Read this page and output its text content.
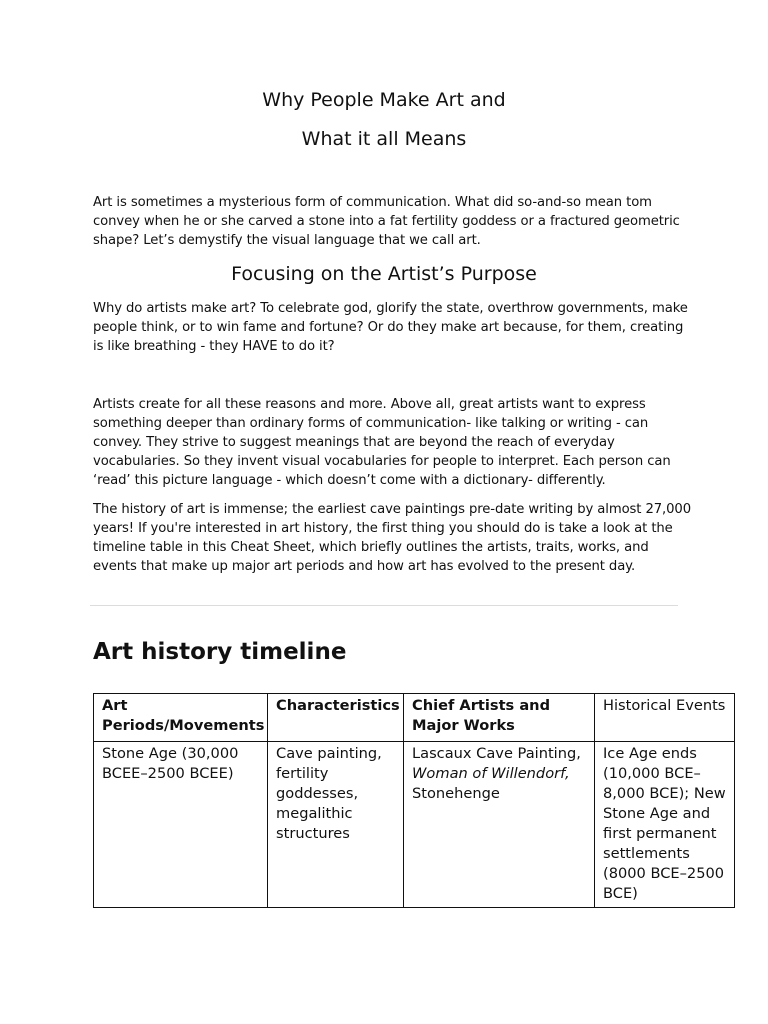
Why People Make Art and
What it all Means

Art is sometimes a mysterious form of communication. What did so-and-so mean tom convey when he or she carved a stone into a fat fertility goddess or a fractured geometric shape? Let’s demystify the visual language that we call art.

Focusing on the Artist’s Purpose

Why do artists make art? To celebrate god, glorify the state, overthrow governments, make people think, or to win fame and fortune? Or do they make art because, for them, creating is like breathing - they HAVE to do it?

Artists create for all these reasons and more. Above all, great artists want to express something deeper than ordinary forms of communication- like talking or writing - can convey. They strive to suggest meanings that are beyond the reach of everyday vocabularies. So they invent visual vocabularies for people to interpret. Each person can ‘read’ this picture language - which doesn’t come with a dictionary- differently.

The history of art is immense; the earliest cave paintings pre-date writing by almost 27,000 years! If you're interested in art history, the first thing you should do is take a look at the timeline table in this Cheat Sheet, which briefly outlines the artists, traits, works, and events that make up major art periods and how art has evolved to the present day.

Art history timeline
Art Periods/Movements	Characteristics	Chief Artists and Major Works	Historical Events
Stone Age (30,000 BCEE–2500 BCEE)	Cave painting, fertility goddesses, megalithic structures	Lascaux Cave Painting, Woman of Willendorf, Stonehenge	Ice Age ends (10,000 BCE–8,000 BCE); New Stone Age and first permanent settlements (8000 BCE–2500 BCE)
